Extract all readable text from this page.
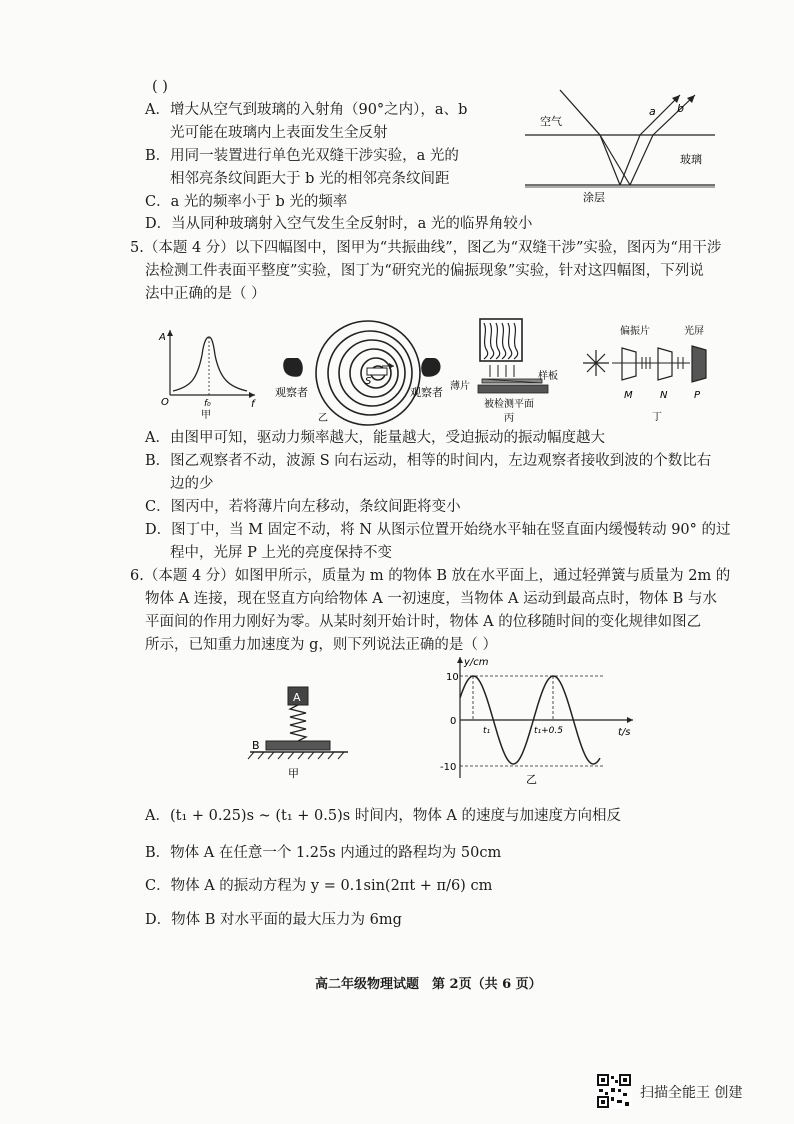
( )
A．增大从空气到玻璃的入射角（90°之内），a、b
光可能在玻璃内上表面发生全反射
B．用同一装置进行单色光双缝干涉实验，a 光的
相邻亮条纹间距大于 b 光的相邻亮条纹间距
C．a 光的频率小于 b 光的频率
D．当从同种玻璃射入空气发生全反射时，a 光的临界角较小
空气
玻璃
涂层
a b
5.（本题 4 分）以下四幅图中，图甲为“共振曲线”，图乙为“双缝干涉”实验，图丙为“用干涉
法检测工件表面平整度”实验，图丁为“研究光的偏振现象”实验，针对这四幅图，下列说
法中正确的是（ ）
A
f
O	f₀
甲
S
观察者	观察者
乙
薄片
样板
被检测平面
丙
偏振片	光屏
M	N	P
丁
A．由图甲可知，驱动力频率越大，能量越大，受迫振动的振动幅度越大
B．图乙观察者不动，波源 S 向右运动，相等的时间内，左边观察者接收到波的个数比右
边的少
C．图丙中，若将薄片向左移动，条纹间距将变小
D．图丁中，当 M 固定不动，将 N 从图示位置开始绕水平轴在竖直面内缓慢转动 90° 的过
程中，光屏 P 上光的亮度保持不变
6.（本题 4 分）如图甲所示，质量为 m 的物体 B 放在水平面上，通过轻弹簧与质量为 2m 的
物体 A 连接，现在竖直方向给物体 A 一初速度，当物体 A 运动到最高点时，物体 B 与水
平面间的作用力刚好为零。从某时刻开始计时，物体 A 的位移随时间的变化规律如图乙
所示，已知重力加速度为 g，则下列说法正确的是（ ）
A
B
甲
y/cm
t/s
10
-10
0
t₁	t₁+0.5
乙
A．(t₁ + 0.25)s ~ (t₁ + 0.5)s 时间内，物体 A 的速度与加速度方向相反
B．物体 A 在任意一个 1.25s 内通过的路程均为 50cm
C．物体 A 的振动方程为 y = 0.1sin(2πt + π/6) cm
D．物体 B 对水平面的最大压力为 6mg
高二年级物理试题　第 2页（共 6 页）
扫描全能王 创建
